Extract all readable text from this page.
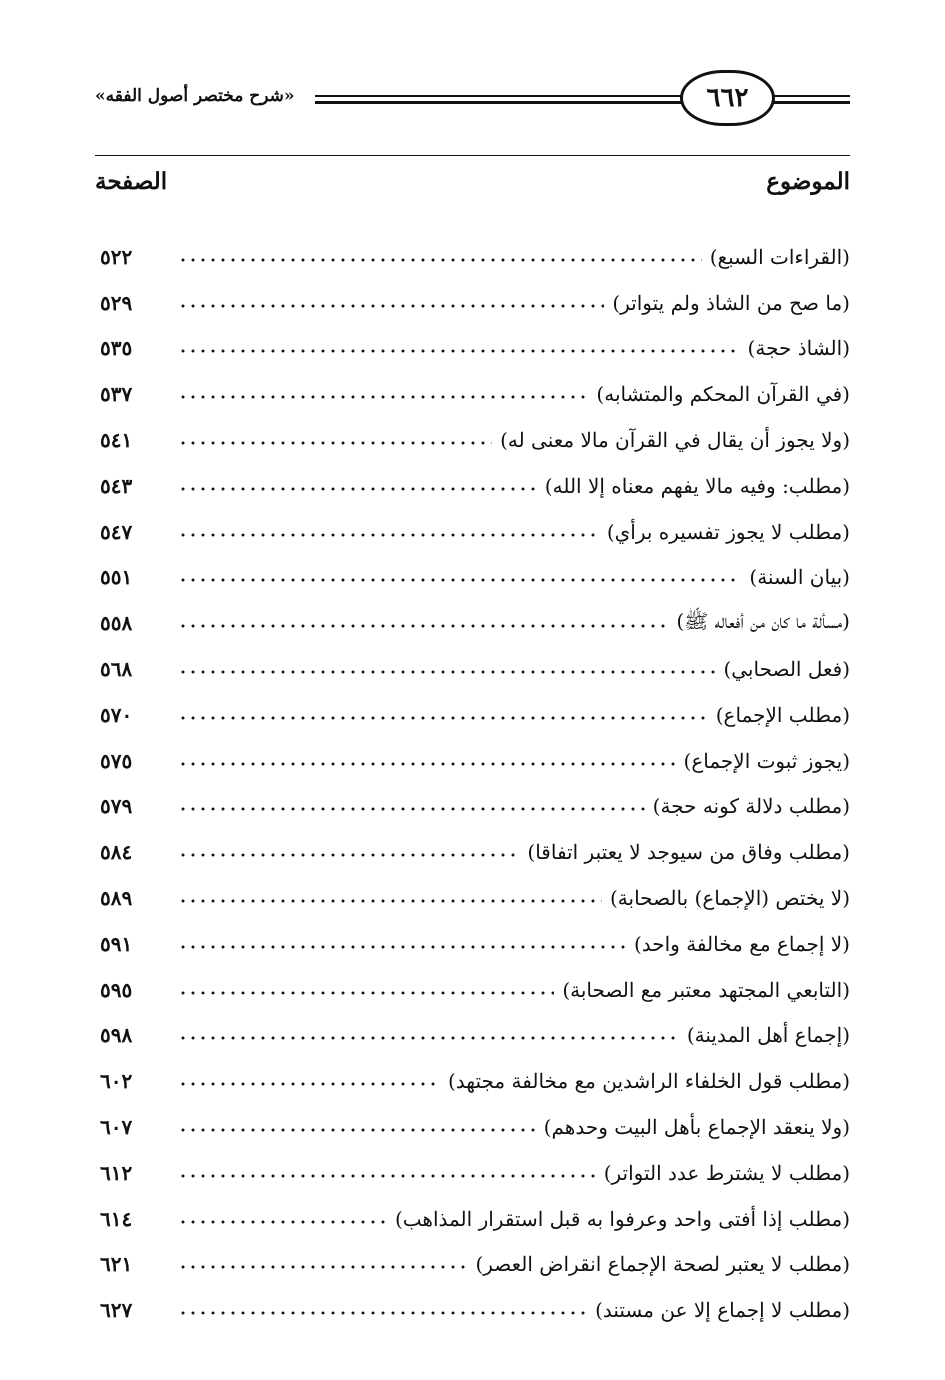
٦٦٢
«شرح مختصر أصول الفقه»
الموضوع
الصفحة
(القراءات السبع)
٥٢٢
(ما صح من الشاذ ولم يتواتر)
٥٢٩
(الشاذ حجة)
٥٣٥
(في القرآن المحكم والمتشابه)
٥٣٧
(ولا يجوز أن يقال في القرآن مالا معنى له)
٥٤١
(مطلب: وفيه مالا يفهم معناه إلا الله)
٥٤٣
(مطلب لا يجوز تفسيره برأي)
٥٤٧
(بيان السنة)
٥٥١
(مسألة ما كان من أفعاله ﷺ)
٥٥٨
(فعل الصحابي)
٥٦٨
(مطلب الإجماع)
٥٧٠
(يجوز ثبوت الإجماع)
٥٧٥
(مطلب دلالة كونه حجة)
٥٧٩
(مطلب وفاق من سيوجد لا يعتبر اتفاقا)
٥٨٤
(لا يختص (الإجماع) بالصحابة)
٥٨٩
(لا إجماع مع مخالفة واحد)
٥٩١
(التابعي المجتهد معتبر مع الصحابة)
٥٩٥
(إجماع أهل المدينة)
٥٩٨
(مطلب قول الخلفاء الراشدين مع مخالفة مجتهد)
٦٠٢
(ولا ينعقد الإجماع بأهل البيت وحدهم)
٦٠٧
(مطلب لا يشترط عدد التواتر)
٦١٢
(مطلب إذا أفتى واحد وعرفوا به قبل استقرار المذاهب)
٦١٤
(مطلب لا يعتبر لصحة الإجماع انقراض العصر)
٦٢١
(مطلب لا إجماع إلا عن مستند)
٦٢٧
